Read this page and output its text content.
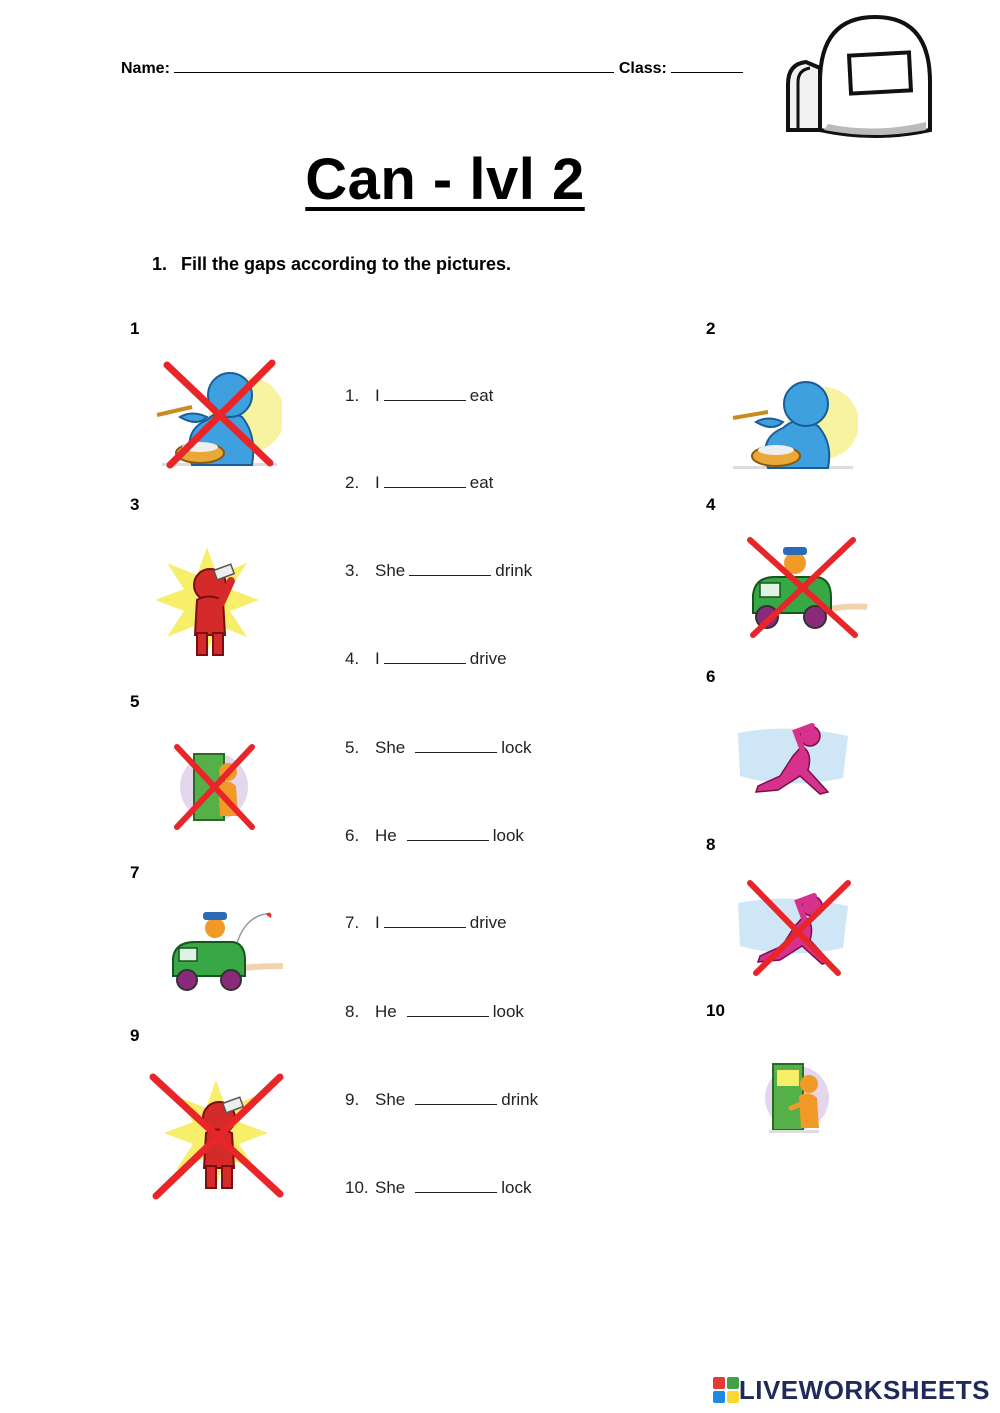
Name:	Class:
Can - lvl 2
1. Fill the gaps according to the pictures.
1	2
3	4
5
6
7
8
9
10
1. I	eat
2. I	eat
3. She	drink
4. I	drive
5. She	lock
6. He	look
7. I	drive
8. He	look
9. She	drink
10. She	lock
LIVEWORKSHEETS
